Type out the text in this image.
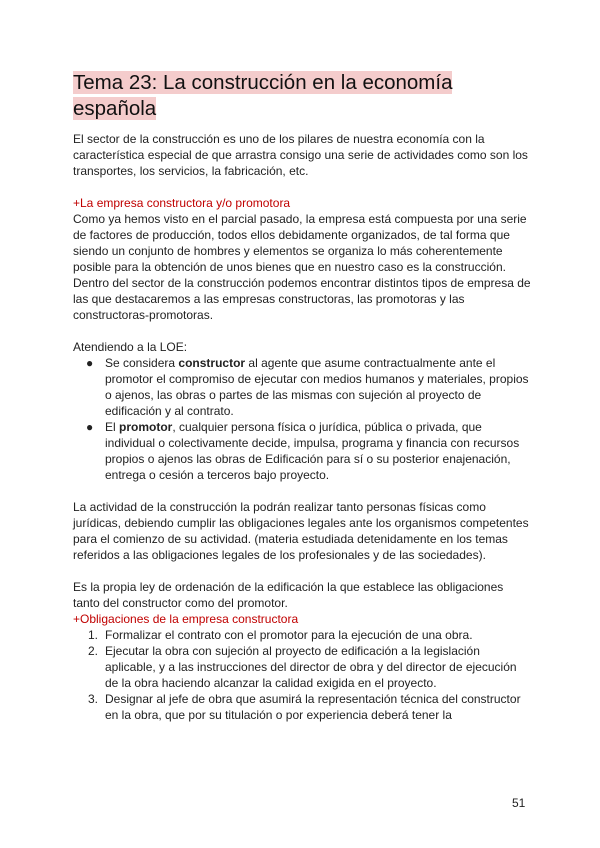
Tema 23: La construcción en la economía
española

El sector de la construcción es uno de los pilares de nuestra economía con la característica especial de que arrastra consigo una serie de actividades como son los transportes, los servicios, la fabricación, etc.

+La empresa constructora y/o promotora

Como ya hemos visto en el parcial pasado, la empresa está compuesta por una serie de factores de producción, todos ellos debidamente organizados, de tal forma que siendo un conjunto de hombres y elementos se organiza lo más coherentemente posible para la obtención de unos bienes que en nuestro caso es la construcción.

Dentro del sector de la construcción podemos encontrar distintos tipos de empresa de las que destacaremos a las empresas constructoras, las promotoras y las constructoras-promotoras.

Atendiendo a la LOE:

● Se considera constructor al agente que asume contractualmente ante el promotor el compromiso de ejecutar con medios humanos y materiales, propios o ajenos, las obras o partes de las mismas con sujeción al proyecto de edificación y al contrato.
● El promotor, cualquier persona física o jurídica, pública o privada, que individual o colectivamente decide, impulsa, programa y financia con recursos propios o ajenos las obras de Edificación para sí o su posterior enajenación, entrega o cesión a terceros bajo proyecto.

La actividad de la construcción la podrán realizar tanto personas físicas como jurídicas, debiendo cumplir las obligaciones legales ante los organismos competentes para el comienzo de su actividad. (materia estudiada detenidamente en los temas referidos a las obligaciones legales de los profesionales y de las sociedades).

Es la propia ley de ordenación de la edificación la que establece las obligaciones tanto del constructor como del promotor.

+Obligaciones de la empresa constructora

1. Formalizar el contrato con el promotor para la ejecución de una obra.
2. Ejecutar la obra con sujeción al proyecto de edificación a la legislación aplicable, y a las instrucciones del director de obra y del director de ejecución de la obra haciendo alcanzar la calidad exigida en el proyecto.
3. Designar al jefe de obra que asumirá la representación técnica del constructor en la obra, que por su titulación o por experiencia deberá tener la
51
